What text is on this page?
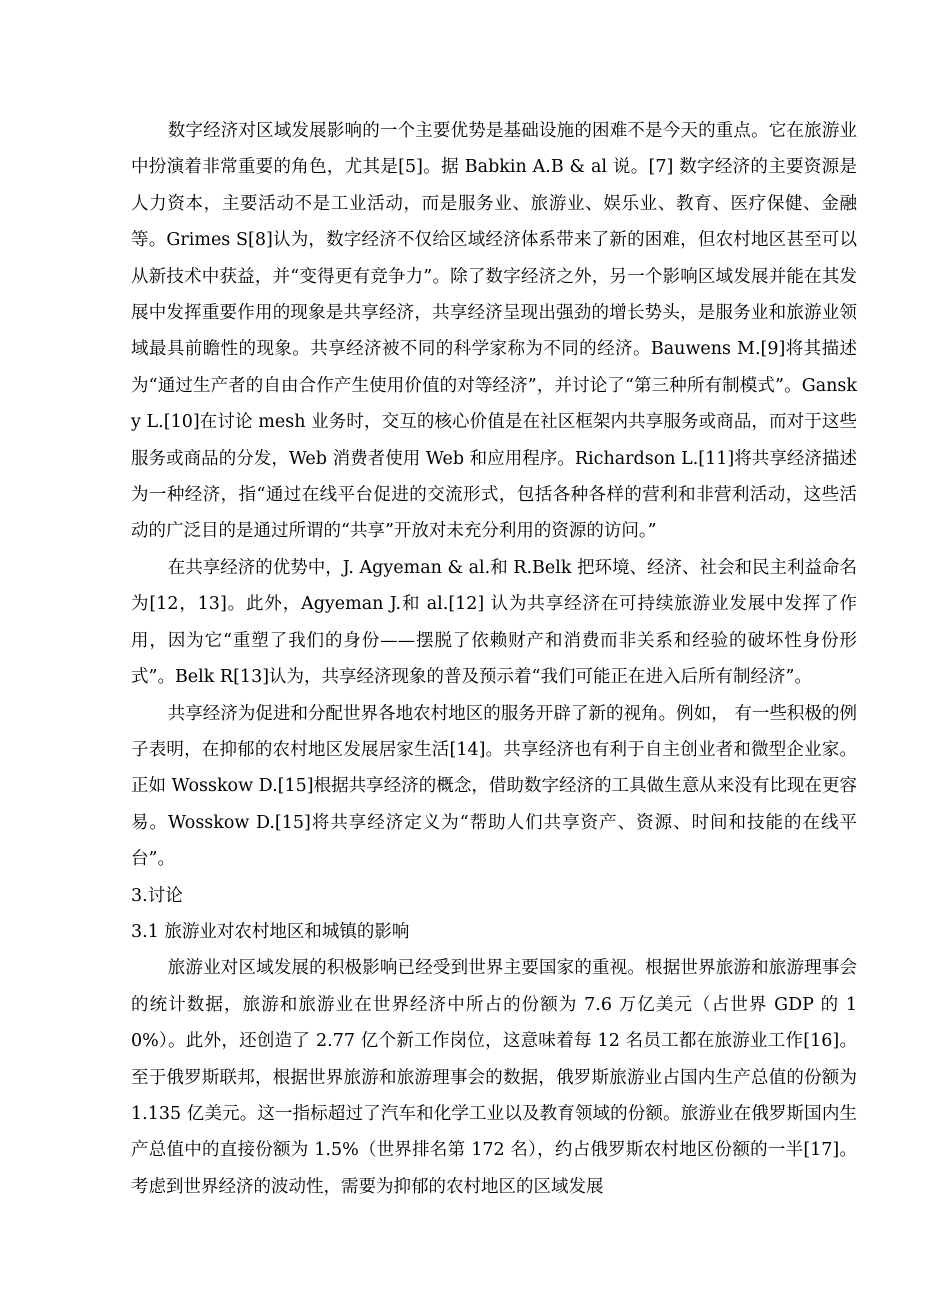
数字经济对区域发展影响的一个主要优势是基础设施的困难不是今天的重点。它在旅游业中扮演着非常重要的角色，尤其是[5]。据 Babkin A.B & al 说。[7] 数字经济的主要资源是人力资本，主要活动不是工业活动，而是服务业、旅游业、娱乐业、教育、医疗保健、金融等。Grimes S[8]认为，数字经济不仅给区域经济体系带来了新的困难，但农村地区甚至可以从新技术中获益，并“变得更有竞争力”。除了数字经济之外，另一个影响区域发展并能在其发展中发挥重要作用的现象是共享经济，共享经济呈现出强劲的增长势头，是服务业和旅游业领域最具前瞻性的现象。共享经济被不同的科学家称为不同的经济。Bauwens M.[9]将其描述为“通过生产者的自由合作产生使用价值的对等经济”，并讨论了“第三种所有制模式”。Gansky L.[10]在讨论 mesh 业务时，交互的核心价值是在社区框架内共享服务或商品，而对于这些服务或商品的分发，Web 消费者使用 Web 和应用程序。Richardson L.[11]将共享经济描述为一种经济，指“通过在线平台促进的交流形式，包括各种各样的营利和非营利活动，这些活动的广泛目的是通过所谓的“共享”开放对未充分利用的资源的访问。”

在共享经济的优势中，J. Agyeman & al.和 R.Belk 把环境、经济、社会和民主利益命名为[12，13]。此外，Agyeman J.和 al.[12] 认为共享经济在可持续旅游业发展中发挥了作用，因为它“重塑了我们的身份——摆脱了依赖财产和消费而非关系和经验的破坏性身份形式”。Belk R[13]认为，共享经济现象的普及预示着“我们可能正在进入后所有制经济”。

共享经济为促进和分配世界各地农村地区的服务开辟了新的视角。例如， 有一些积极的例子表明，在抑郁的农村地区发展居家生活[14]。共享经济也有利于自主创业者和微型企业家。正如 Wosskow D.[15]根据共享经济的概念，借助数字经济的工具做生意从来没有比现在更容易。Wosskow D.[15]将共享经济定义为“帮助人们共享资产、资源、时间和技能的在线平台”。

3.讨论

3.1 旅游业对农村地区和城镇的影响

旅游业对区域发展的积极影响已经受到世界主要国家的重视。根据世界旅游和旅游理事会的统计数据，旅游和旅游业在世界经济中所占的份额为 7.6 万亿美元（占世界 GDP 的 10%）。此外，还创造了 2.77 亿个新工作岗位，这意味着每 12 名员工都在旅游业工作[16]。至于俄罗斯联邦，根据世界旅游和旅游理事会的数据，俄罗斯旅游业占国内生产总值的份额为 1.135 亿美元。这一指标超过了汽车和化学工业以及教育领域的份额。旅游业在俄罗斯国内生产总值中的直接份额为 1.5%（世界排名第 172 名），约占俄罗斯农村地区份额的一半[17]。 考虑到世界经济的波动性，需要为抑郁的农村地区的区域发展
